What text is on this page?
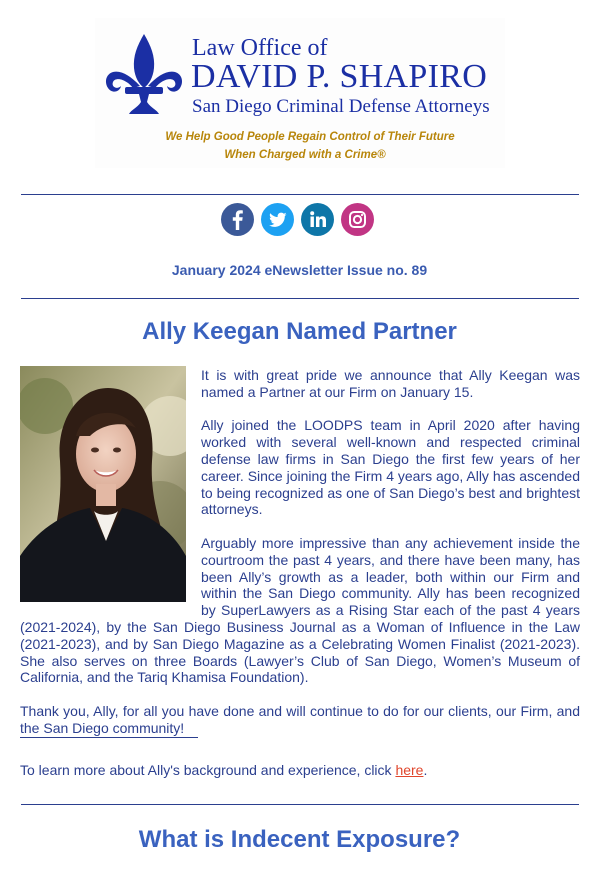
Law Office of
DAVID P. SHAPIRO
San Diego Criminal Defense Attorneys
We Help Good People Regain Control of Their Future
When Charged with a Crime®
January 2024 eNewsletter Issue no. 89
Ally Keegan Named Partner

It is with great pride we announce that Ally Keegan was named a Partner at our Firm on January 15.

Ally joined the LOODPS team in April 2020 after having worked with several well-known and respected criminal defense law firms in San Diego the first few years of her career. Since joining the Firm 4 years ago, Ally has ascended to being recognized as one of San Diego’s best and brightest attorneys.

Arguably more impressive than any achievement inside the courtroom the past 4 years, and there have been many, has been Ally’s growth as a leader, both within our Firm and within the San Diego community. Ally has been recognized by SuperLawyers as a Rising Star each of the past 4 years (2021-2024), by the San Diego Business Journal as a Woman of Influence in the Law (2021-2023), and by San Diego Magazine as a Celebrating Women Finalist (2021-2023). She also serves on three Boards (Lawyer’s Club of San Diego, Women’s Museum of California, and the Tariq Khamisa Foundation).

Thank you, Ally, for all you have done and will continue to do for our clients, our Firm, and the San Diego community!

To learn more about Ally's background and experience, click here.

What is Indecent Exposure?
